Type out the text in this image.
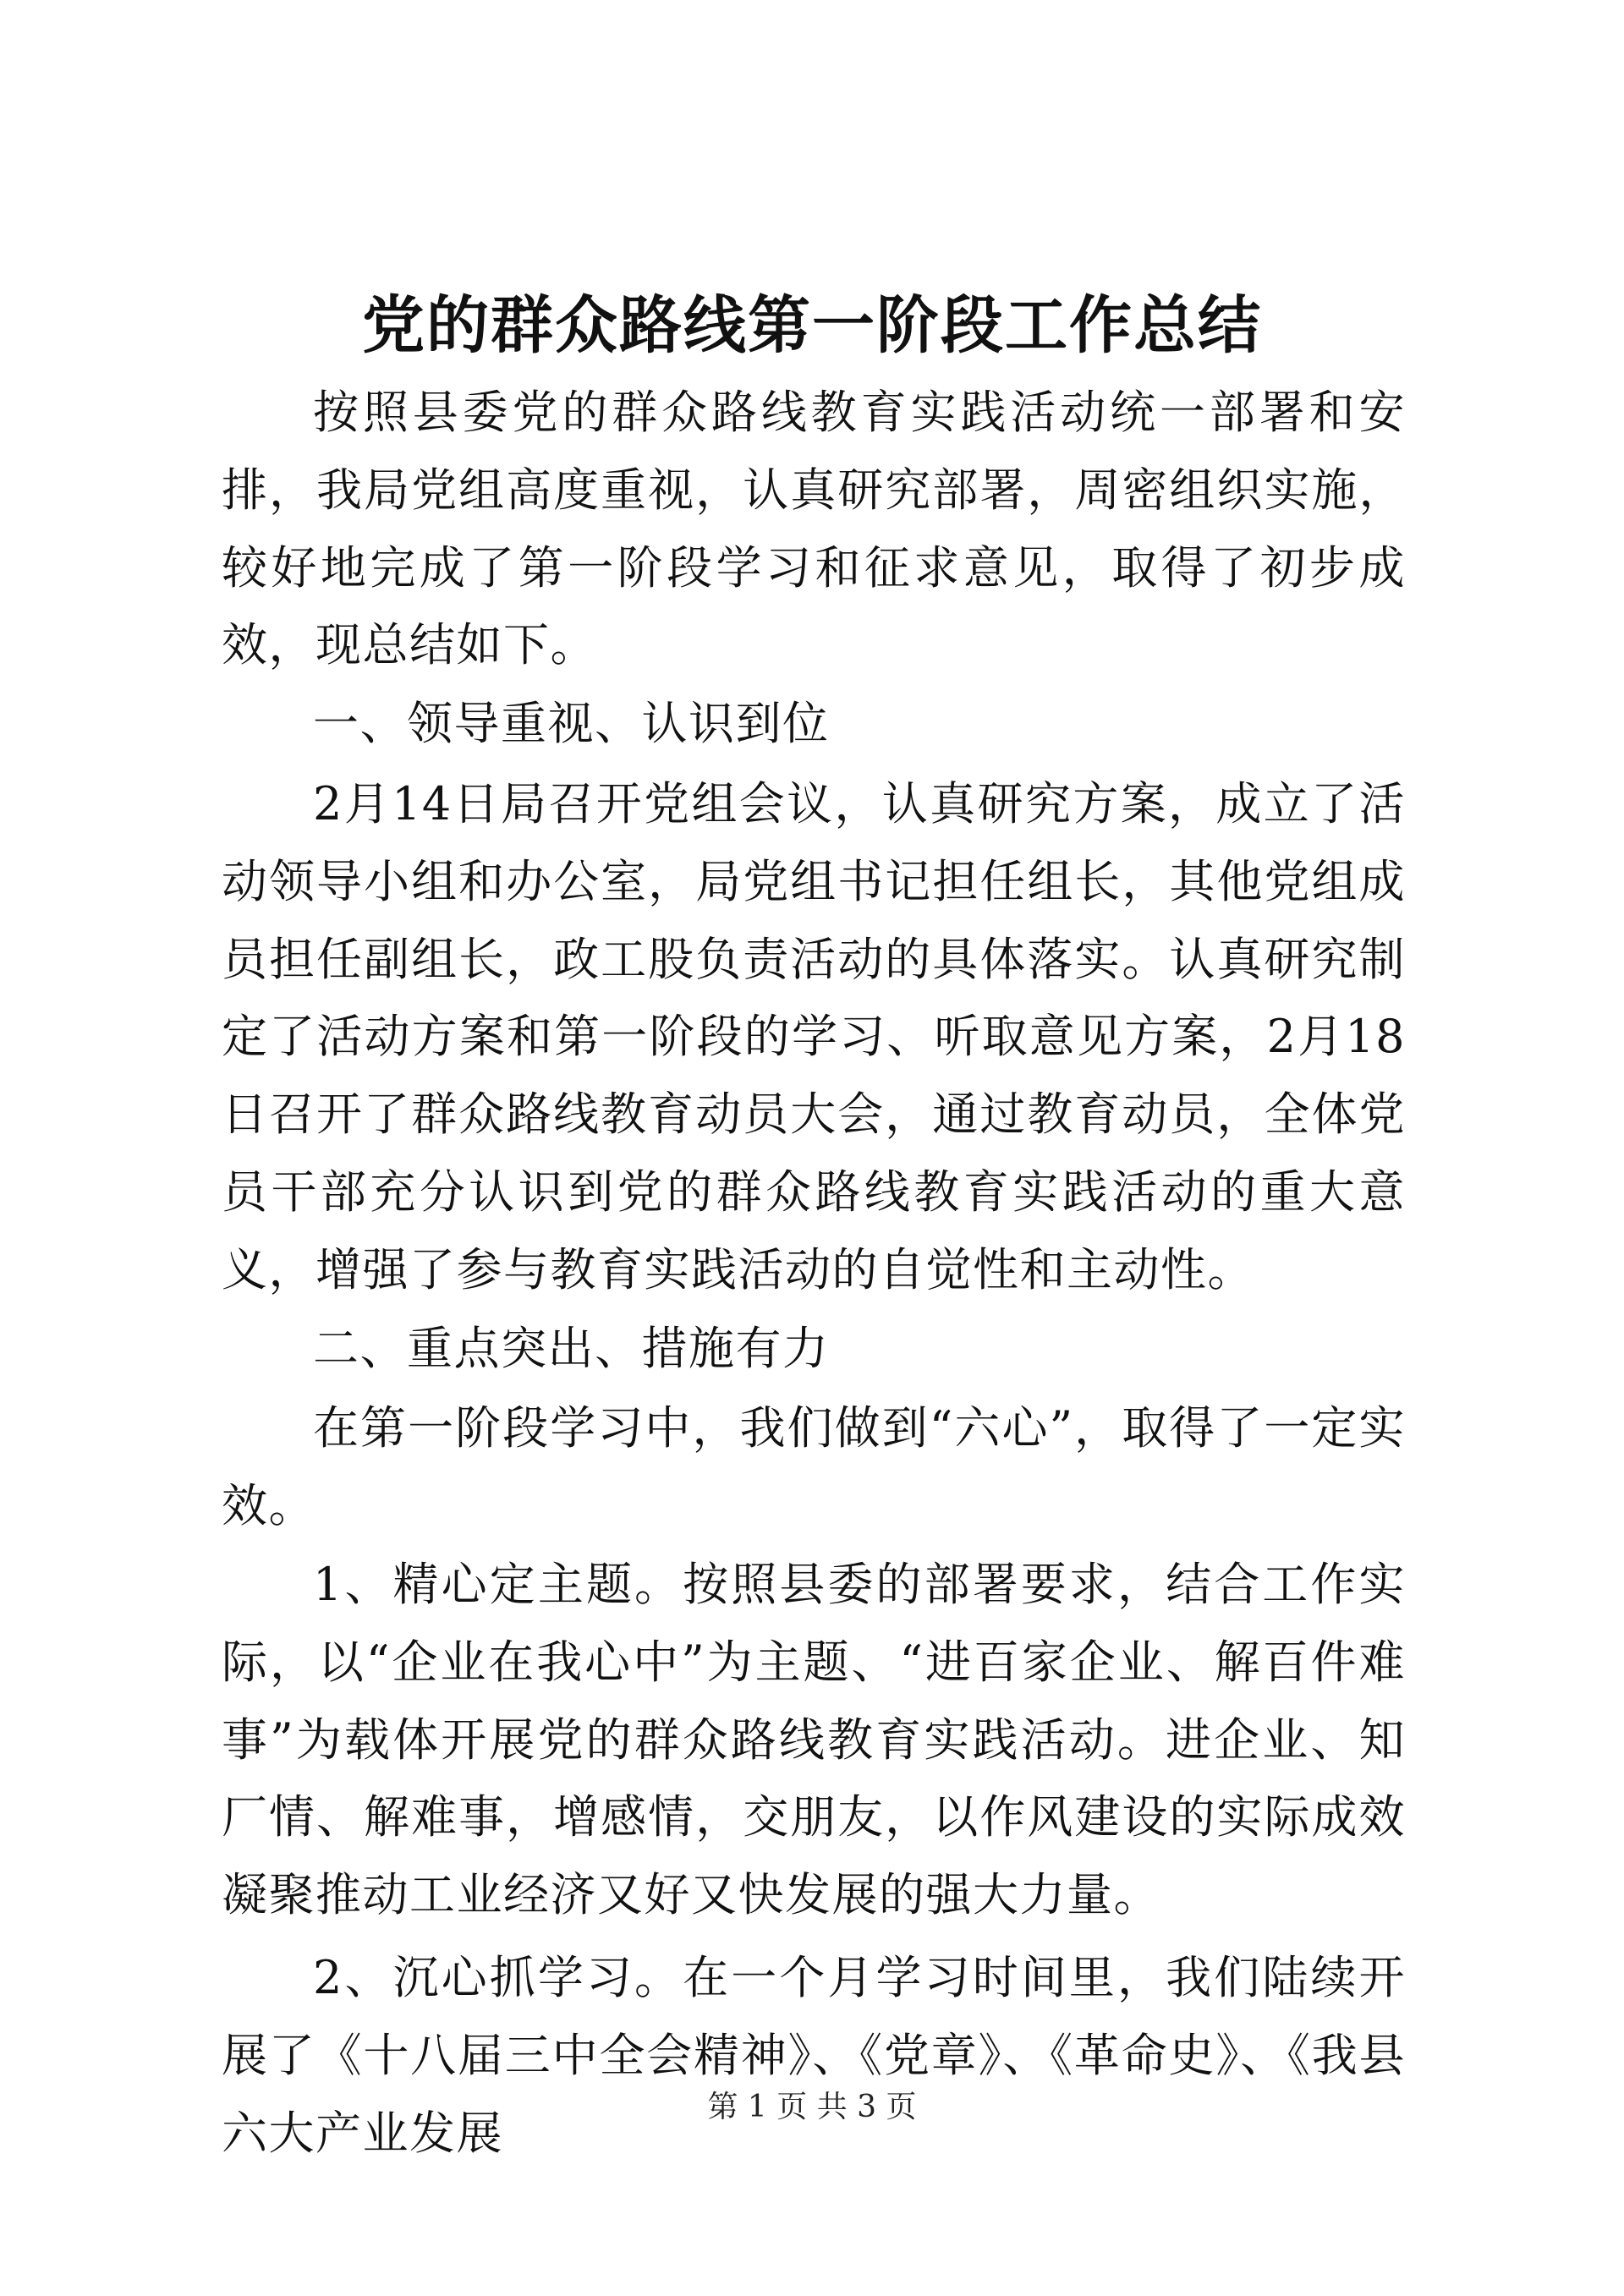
党的群众路线第一阶段工作总结

按照县委党的群众路线教育实践活动统一部署和安排，我局党组高度重视，认真研究部署，周密组织实施，较好地完成了第一阶段学习和征求意见，取得了初步成效，现总结如下。

一、领导重视、认识到位

2月14日局召开党组会议，认真研究方案，成立了活动领导小组和办公室，局党组书记担任组长，其他党组成员担任副组长，政工股负责活动的具体落实。认真研究制定了活动方案和第一阶段的学习、听取意见方案，2月18日召开了群众路线教育动员大会，通过教育动员，全体党员干部充分认识到党的群众路线教育实践活动的重大意义，增强了参与教育实践活动的自觉性和主动性。

二、重点突出、措施有力

在第一阶段学习中，我们做到“六心”，取得了一定实效。

1、精心定主题。按照县委的部署要求，结合工作实际，以“企业在我心中”为主题、“进百家企业、解百件难事”为载体开展党的群众路线教育实践活动。进企业、知厂情、解难事，增感情，交朋友，以作风建设的实际成效凝聚推动工业经济又好又快发展的强大力量。

2、沉心抓学习。在一个月学习时间里，我们陆续开展了《十八届三中全会精神》、《党章》、《革命史》、《我县六大产业发展	第 1 页 共 3 页
